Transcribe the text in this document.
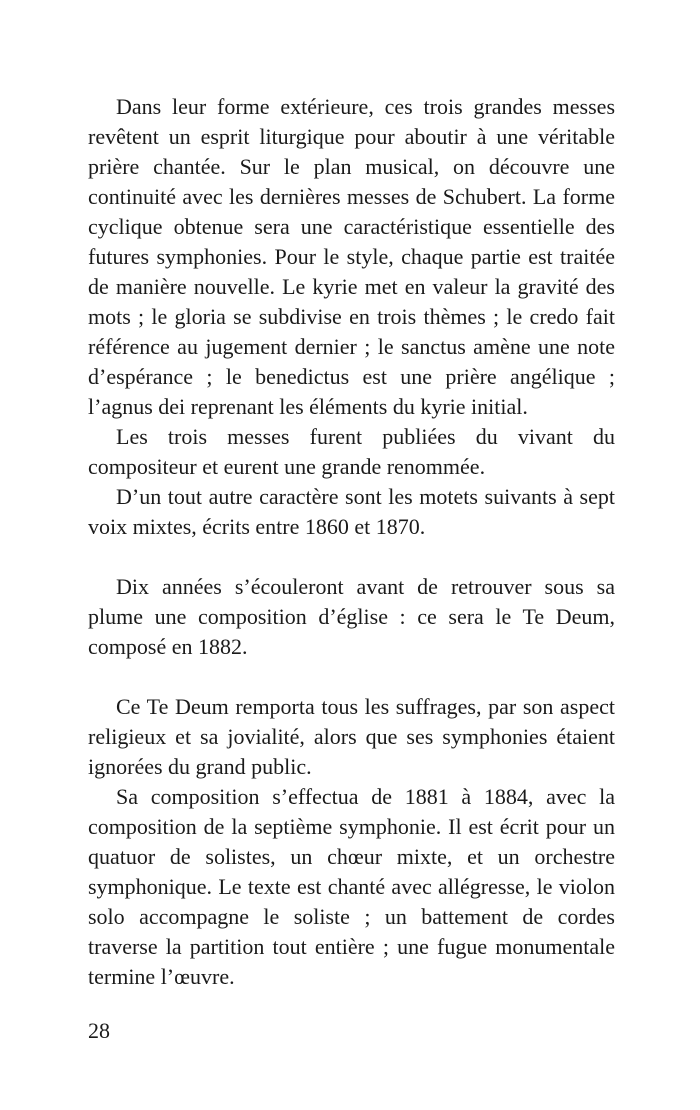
Dans leur forme extérieure, ces trois grandes messes revêtent un esprit liturgique pour aboutir à une véritable prière chantée. Sur le plan musical, on découvre une continuité avec les dernières messes de Schubert. La forme cyclique obtenue sera une caractéristique essentielle des futures symphonies. Pour le style, chaque partie est traitée de manière nouvelle. Le kyrie met en valeur la gravité des mots ; le gloria se subdivise en trois thèmes ; le credo fait référence au jugement dernier ; le sanctus amène une note d’espérance ; le benedictus est une prière angélique ; l’agnus dei reprenant les éléments du kyrie initial.

Les trois messes furent publiées du vivant du compositeur et eurent une grande renommée.

D’un tout autre caractère sont les motets suivants à sept voix mixtes, écrits entre 1860 et 1870.

Dix années s’écouleront avant de retrouver sous sa plume une composition d’église : ce sera le Te Deum, composé en 1882.

Ce Te Deum remporta tous les suffrages, par son aspect religieux et sa jovialité, alors que ses symphonies étaient ignorées du grand public.

Sa composition s’effectua de 1881 à 1884, avec la composition de la septième symphonie. Il est écrit pour un quatuor de solistes, un chœur mixte, et un orchestre symphonique. Le texte est chanté avec allégresse, le violon solo accompagne le soliste ; un battement de cordes traverse la partition tout entière ; une fugue monumentale termine l’œuvre.

28
